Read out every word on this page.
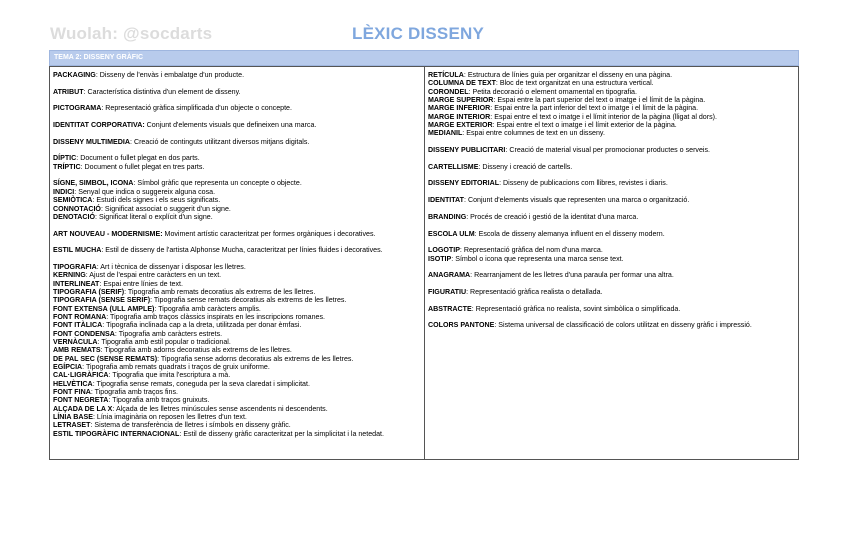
Wuolah: @socdarts	LÈXIC DISSENY
TEMA 2: DISSENY GRÀFIC
PACKAGING: Disseny de l'envàs i embalatge d'un producte.
ATRIBUT: Característica distintiva d'un element de disseny.
PICTOGRAMA: Representació gràfica simplificada d'un objecte o concepte.
IDENTITAT CORPORATIVA: Conjunt d'elements visuals que defineixen una marca.
DISSENY MULTIMEDIA: Creació de continguts utilitzant diversos mitjans digitals.
DÍPTIC: Document o fullet plegat en dos parts.
TRÍPTIC: Document o fullet plegat en tres parts.
SÍGNE, SIMBOL, ICONA: Símbol gràfic que representa un concepte o objecte.
INDICI: Senyal que indica o suggereix alguna cosa.
SEMIÒTICA: Estudi dels signes i els seus significats.
CONNOTACIÓ: Significat associat o suggerit d'un signe.
DENOTACIÓ: Significat literal o explícit d'un signe.
ART NOUVEAU - MODERNISME: Moviment artístic caracteritzat per formes orgàniques i decoratives.
ESTIL MUCHA: Estil de disseny de l'artista Alphonse Mucha, caracteritzat per línies fluides i decoratives.
TIPOGRAFIA: Art i tècnica de dissenyar i disposar les lletres.
KERNING: Ajust de l'espai entre caràcters en un text.
INTERLINEAT: Espai entre línies de text.
TIPOGRAFIA (SERIF): Tipografia amb remats decoratius als extrems de les lletres.
TIPOGRAFIA (SENSE SERIF): Tipografia sense remats decoratius als extrems de les lletres.
FONT EXTENSA (ULL AMPLE): Tipografia amb caràcters amplis.
FONT ROMANA: Tipografia amb traços clàssics inspirats en les inscripcions romanes.
FONT ITÀLICA: Tipografia inclinada cap a la dreta, utilitzada per donar èmfasi.
FONT CONDENSA: Tipografia amb caràcters estrets.
VERNÀCULA: Tipografia amb estil popular o tradicional.
AMB REMATS: Tipografia amb adorns decoratius als extrems de les lletres.
DE PAL SEC (SENSE REMATS): Tipografia sense adorns decoratius als extrems de les lletres.
EGÍPCIA: Tipografia amb remats quadrats i traços de gruix uniforme.
CAL·LIGRÀFICA: Tipografia que imita l'escriptura a mà.
HELVÈTICA: Tipografia sense remats, coneguda per la seva claredat i simplicitat.
FONT FINA: Tipografia amb traços fins.
FONT NEGRETA: Tipografia amb traços gruixuts.
ALÇADA DE LA X: Alçada de les lletres minúscules sense ascendents ni descendents.
LÍNIA BASE: Línia imaginària on reposen les lletres d'un text.
LETRASET: Sistema de transferència de lletres i símbols en disseny gràfic.
ESTIL TIPOGRÀFIC INTERNACIONAL: Estil de disseny gràfic caracteritzat per la simplicitat i la netedat.
RETÍCULA: Estructura de línies guia per organitzar el disseny en una pàgina.
COLUMNA DE TEXT: Bloc de text organitzat en una estructura vertical.
CORONDEL: Petita decoració o element ornamental en tipografia.
MARGE SUPERIOR: Espai entre la part superior del text o imatge i el límit de la pàgina.
MARGE INFERIOR: Espai entre la part inferior del text o imatge i el límit de la pàgina.
MARGE INTERIOR: Espai entre el text o imatge i el límit interior de la pàgina (lligat al dors).
MARGE EXTERIOR: Espai entre el text o imatge i el límit exterior de la pàgina.
MEDIANIL: Espai entre columnes de text en un disseny.
DISSENY PUBLICITARI: Creació de material visual per promocionar productes o serveis.
CARTELLISME: Disseny i creació de cartells.
DISSENY EDITORIAL: Disseny de publicacions com llibres, revistes i diaris.
IDENTITAT: Conjunt d'elements visuals que representen una marca o organització.
BRANDING: Procés de creació i gestió de la identitat d'una marca.
ESCOLA ULM: Escola de disseny alemanya influent en el disseny modern.
LOGOTIP: Representació gràfica del nom d'una marca.
ISOTIP: Símbol o icona que representa una marca sense text.
ANAGRAMA: Rearranjament de les lletres d'una paraula per formar una altra.
FIGURATIU: Representació gràfica realista o detallada.
ABSTRACTE: Representació gràfica no realista, sovint simbòlica o simplificada.
COLORS PANTONE: Sistema universal de classificació de colors utilitzat en disseny gràfic i impressió.
